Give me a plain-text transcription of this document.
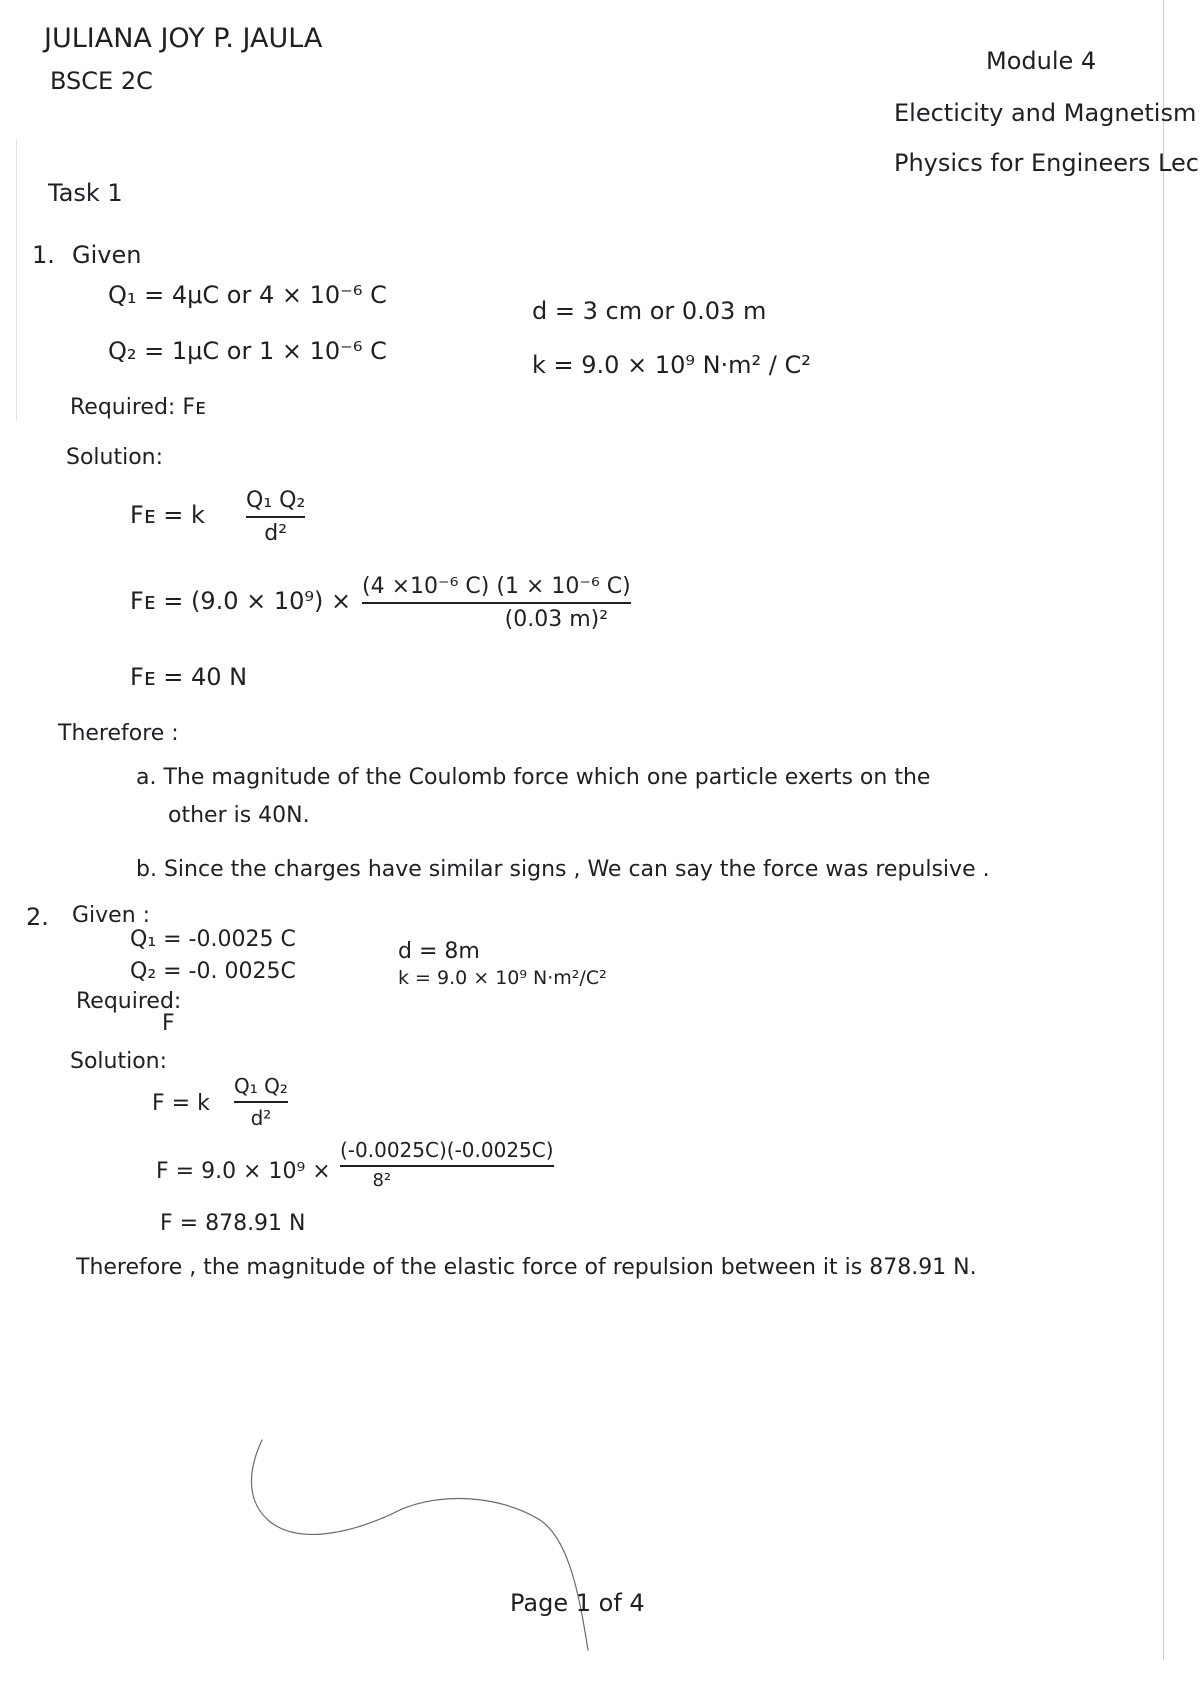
JULIANA JOY P. JAULA
BSCE 2C
Module 4
Electicity and Magnetism
Physics for Engineers Lec
Task 1
1. Given
Q₁ = 4μC or 4 × 10⁻⁶ C
Q₂ = 1μC or 1 × 10⁻⁶ C
d = 3 cm or 0.03 m
k = 9.0 × 10⁹ N·m² / C²
Required: Fᴇ
Solution:
Fᴇ = k
Q₁ Q₂
d²
Fᴇ = (9.0 × 10⁹) ×
(4 ×10⁻⁶ C) (1 × 10⁻⁶ C)
(0.03 m)²
Fᴇ = 40 N
Therefore :
a. The magnitude of the Coulomb force which one particle exerts on the
other is 40N.
b. Since the charges have similar signs , We can say the force was repulsive .
2. Given :
Q₁ = -0.0025 C
Q₂ = -0. 0025C
d = 8m
k = 9.0 × 10⁹ N·m²/C²
Required:
F
Solution:
F = k
Q₁ Q₂
d²
F = 9.0 × 10⁹ ×
(-0.0025C)(-0.0025C)
8²
F = 878.91 N
Therefore , the magnitude of the elastic force of repulsion between it is 878.91 N.
Page 1 of 4
